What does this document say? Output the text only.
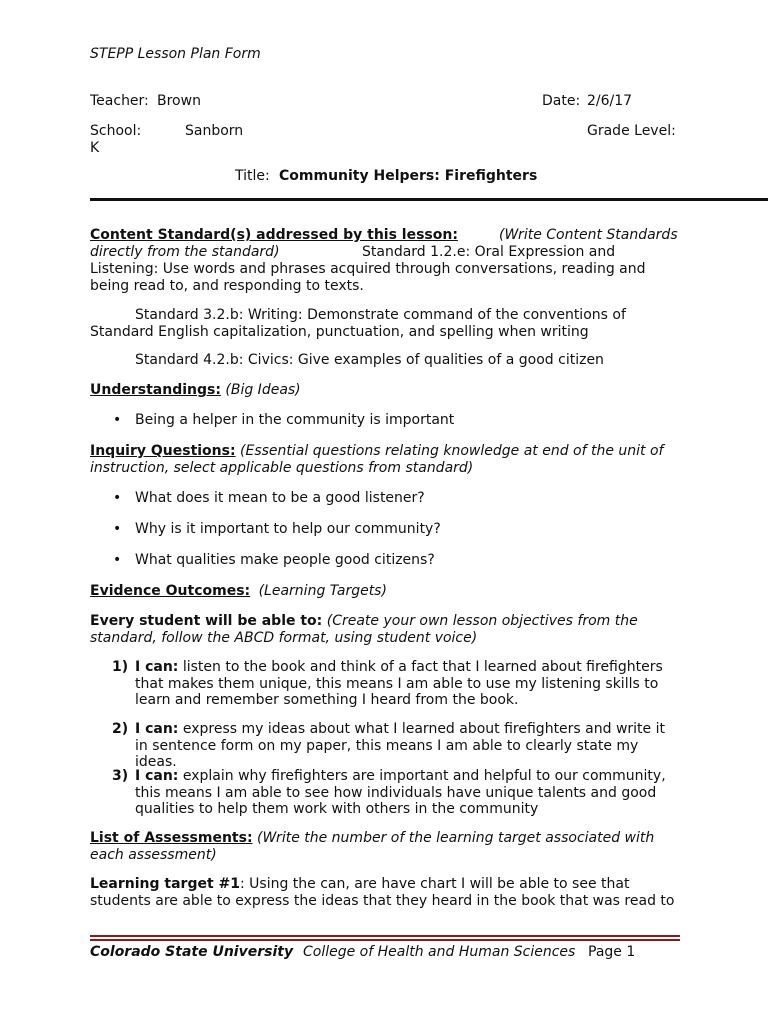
STEPP Lesson Plan Form
Teacher: Brown	Date: 2/6/17
School:	Sanborn	Grade Level:
K
Title: Community Helpers: Firefighters
Content Standard(s) addressed by this lesson:	(Write Content Standards
directly from the standard)	Standard 1.2.e: Oral Expression and
Listening: Use words and phrases acquired through conversations, reading and being read to, and responding to texts.
Standard 3.2.b: Writing: Demonstrate command of the conventions of Standard English capitalization, punctuation, and spelling when writing
Standard 4.2.b: Civics: Give examples of qualities of a good citizen
Understandings: (Big Ideas)
• Being a helper in the community is important
Inquiry Questions: (Essential questions relating knowledge at end of the unit of instruction, select applicable questions from standard)
• What does it mean to be a good listener?
• Why is it important to help our community?
• What qualities make people good citizens?
Evidence Outcomes: (Learning Targets)
Every student will be able to: (Create your own lesson objectives from the standard, follow the ABCD format, using student voice)
1) I can: listen to the book and think of a fact that I learned about firefighters that makes them unique, this means I am able to use my listening skills to learn and remember something I heard from the book.
2) I can: express my ideas about what I learned about firefighters and write it in sentence form on my paper, this means I am able to clearly state my ideas.
3) I can: explain why firefighters are important and helpful to our community, this means I am able to see how individuals have unique talents and good qualities to help them work with others in the community
List of Assessments: (Write the number of the learning target associated with each assessment)
Learning target #1: Using the can, are have chart I will be able to see that students are able to express the ideas that they heard in the book that was read to
Colorado State University College of Health and Human Sciences Page 1
